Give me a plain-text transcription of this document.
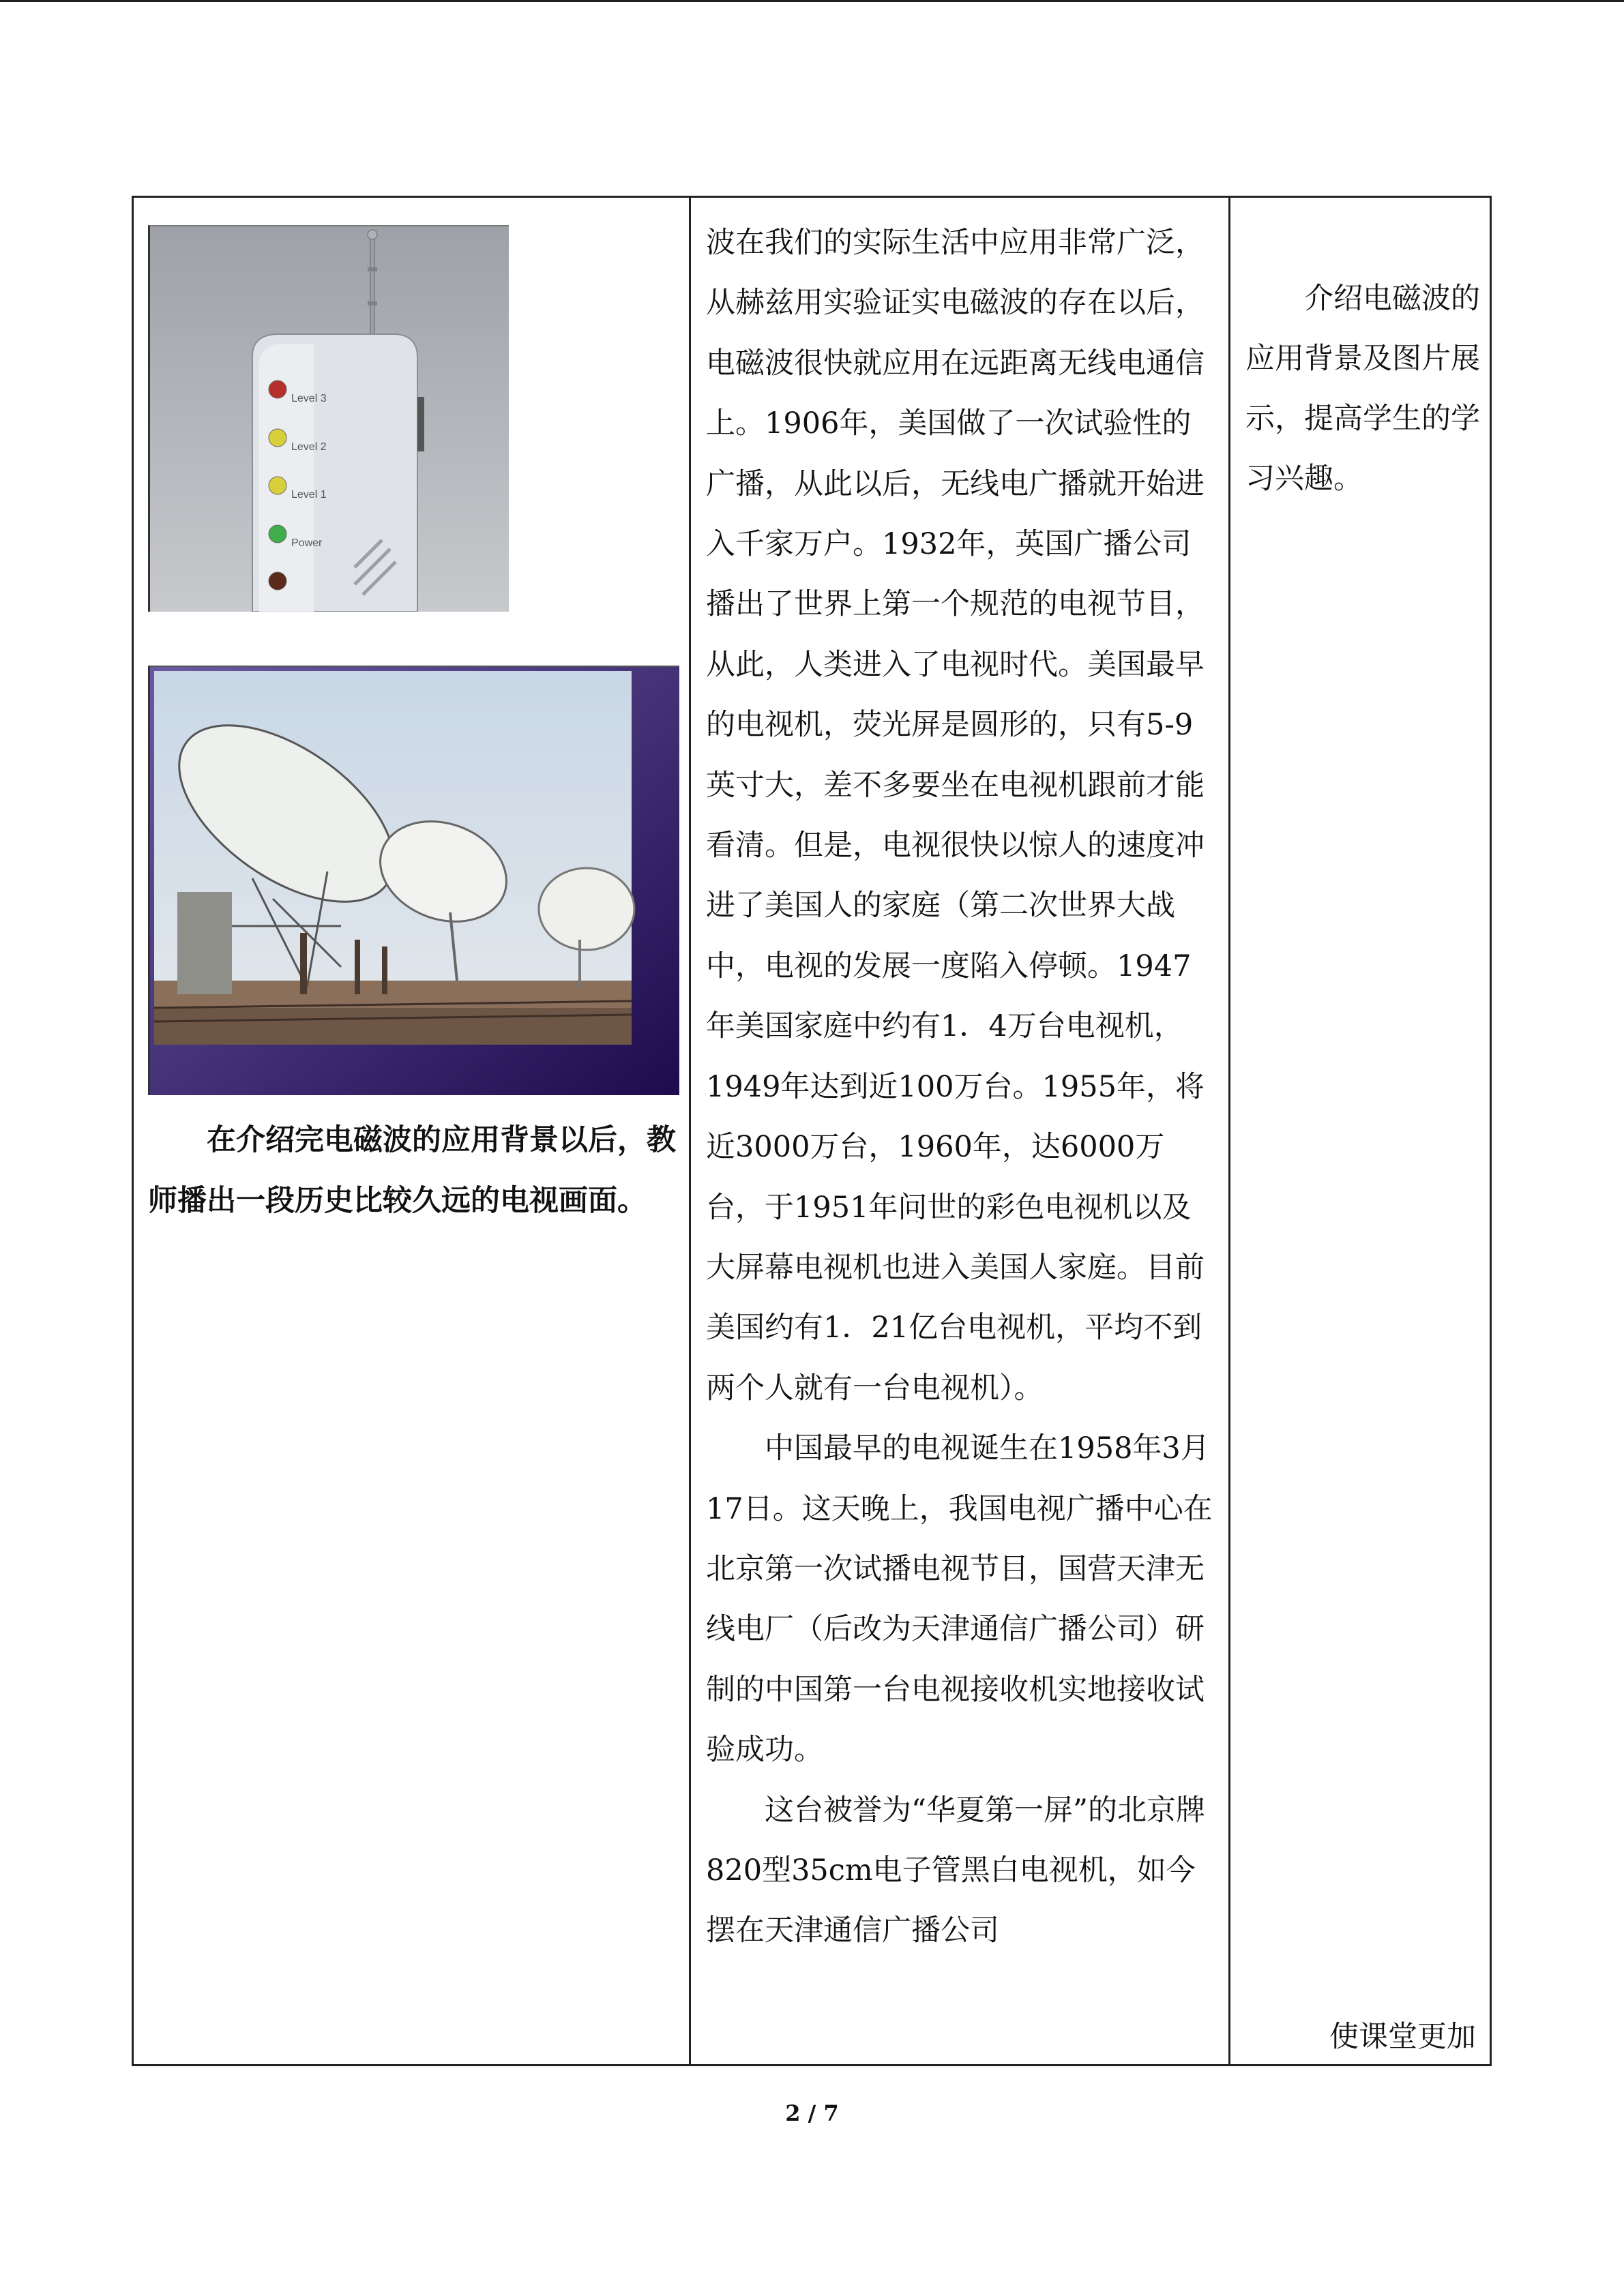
Level 3
Level 2
Level 1
Power

在介绍完电磁波的应用背景以后，教师播出一段历史比较久远的电视画面。

波在我们的实际生活中应用非常广泛，从赫兹用实验证实电磁波的存在以后，电磁波很快就应用在远距离无线电通信上。1906年，美国做了一次试验性的广播，从此以后，无线电广播就开始进入千家万户。1932年，英国广播公司播出了世界上第一个规范的电视节目，从此，人类进入了电视时代。美国最早的电视机，荧光屏是圆形的，只有5-9英寸大，差不多要坐在电视机跟前才能看清。但是，电视很快以惊人的速度冲进了美国人的家庭（第二次世界大战中，电视的发展一度陷入停顿。1947年美国家庭中约有1．4万台电视机，1949年达到近100万台。1955年，将近3000万台，1960年，达6000万台，于1951年问世的彩色电视机以及大屏幕电视机也进入美国人家庭。目前美国约有1．21亿台电视机，平均不到两个人就有一台电视机）。

中国最早的电视诞生在1958年3月17日。这天晚上，我国电视广播中心在北京第一次试播电视节目，国营天津无线电厂（后改为天津通信广播公司）研制的中国第一台电视接收机实地接收试验成功。

这台被誉为“华夏第一屏”的北京牌820型35cm电子管黑白电视机，如今摆在天津通信广播公司

介绍电磁波的应用背景及图片展示，提高学生的学习兴趣。

使课堂更加
2 / 7
